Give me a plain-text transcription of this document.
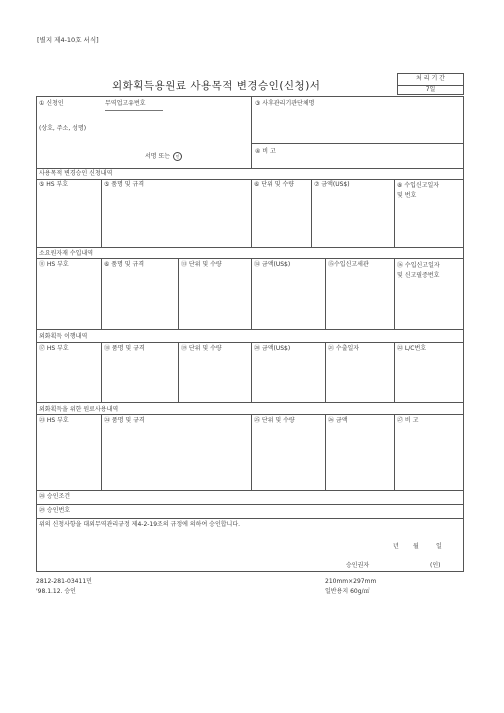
[별지 제4-10호 서식]
외화획득용원료 사용목적 변경승인(신청)서
처 리 기 간
7일
① 신청인	무역업고유번호
(상호, 주소, 성명)
서명 또는 인
③ 사후관리기관단체명
④ 비 고
사용목적 변경승인 신청내역
⑤ HS 부호	⑤ 품명 및 규격	⑥ 단위 및 수량	⑦ 금액(US$)	⑧ 수입신고일자
및 번호
소요원자재 수입내역
⑪ HS 부호	⑥ 품명 및 규격	⑬ 단위 및 수량	⑭ 금액(US$)	⑮수입신고세관	⑯ 수입신고일자
및 신고필증번호
외화획득 이행내역
⑰ HS 부호	⑱ 품명 및 규격	⑲ 단위 및 수량	⑳ 금액(US$)	㉑ 수출일자	㉒ L/C번호
외화획득을 위한 원료사용내역
㉓ HS 부호	㉔ 품명 및 규격	㉕ 단위 및 수량	㉖ 금액	㉗ 비 고
㉘ 승인조건
㉙ 승인번호
위의 신청사항을 대외무역관리규정 제4-2-19조의 규정에 의하여 승인합니다.
년 월	일
승인권자	(인)
2812-281-03411민
'98.1.12. 승인
210mm×297mm
일반용지 60g/㎡
